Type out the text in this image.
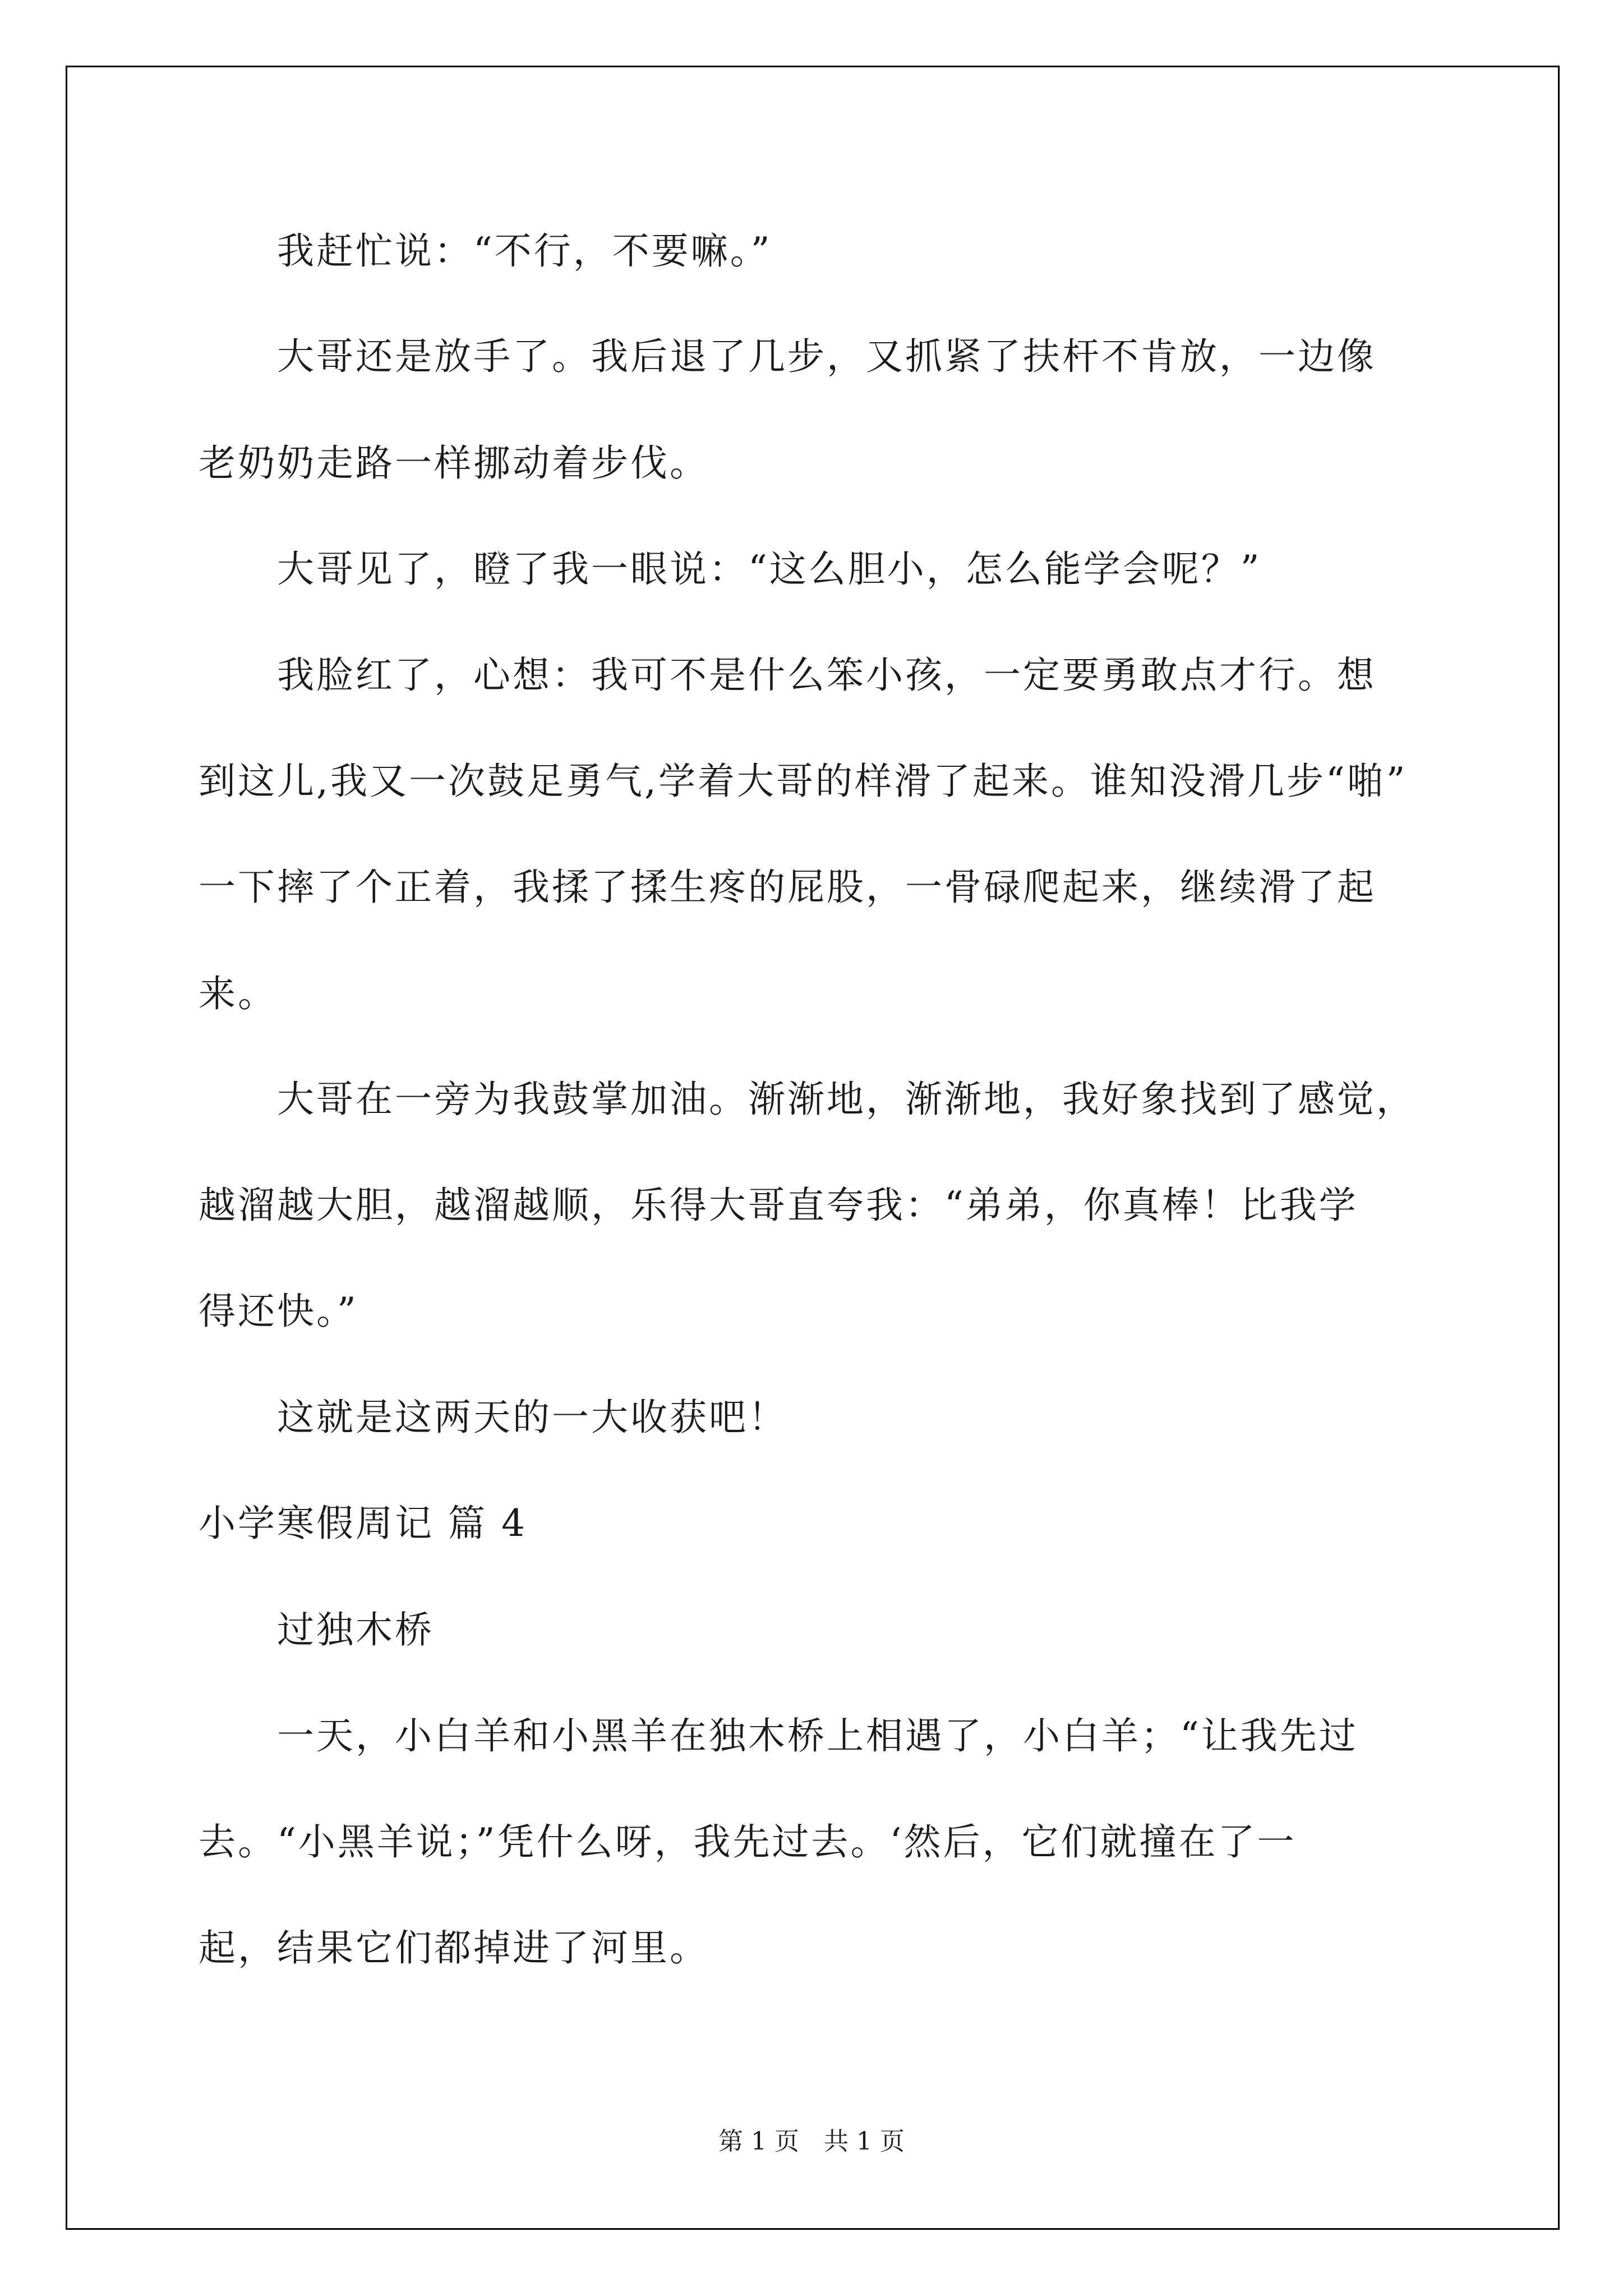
　　我赶忙说：“不行，不要嘛。”
　　大哥还是放手了。我后退了几步，又抓紧了扶杆不肯放，一边像
老奶奶走路一样挪动着步伐。
　　大哥见了，瞪了我一眼说：“这么胆小，怎么能学会呢？”
　　我脸红了，心想：我可不是什么笨小孩，一定要勇敢点才行。想
到这儿,我又一次鼓足勇气,学着大哥的样滑了起来。谁知没滑几步“啪”
一下摔了个正着，我揉了揉生疼的屁股，一骨碌爬起来，继续滑了起
来。
　　大哥在一旁为我鼓掌加油。渐渐地，渐渐地，我好象找到了感觉，
越溜越大胆，越溜越顺，乐得大哥直夸我：“弟弟，你真棒！比我学
得还快。”
　　这就是这两天的一大收获吧！
小学寒假周记 篇 4
　　过独木桥
　　一天，小白羊和小黑羊在独木桥上相遇了，小白羊；“让我先过
去。“小黑羊说；”凭什么呀，我先过去。‘然后，它们就撞在了一
起，结果它们都掉进了河里。
第 1 页　共 1 页
